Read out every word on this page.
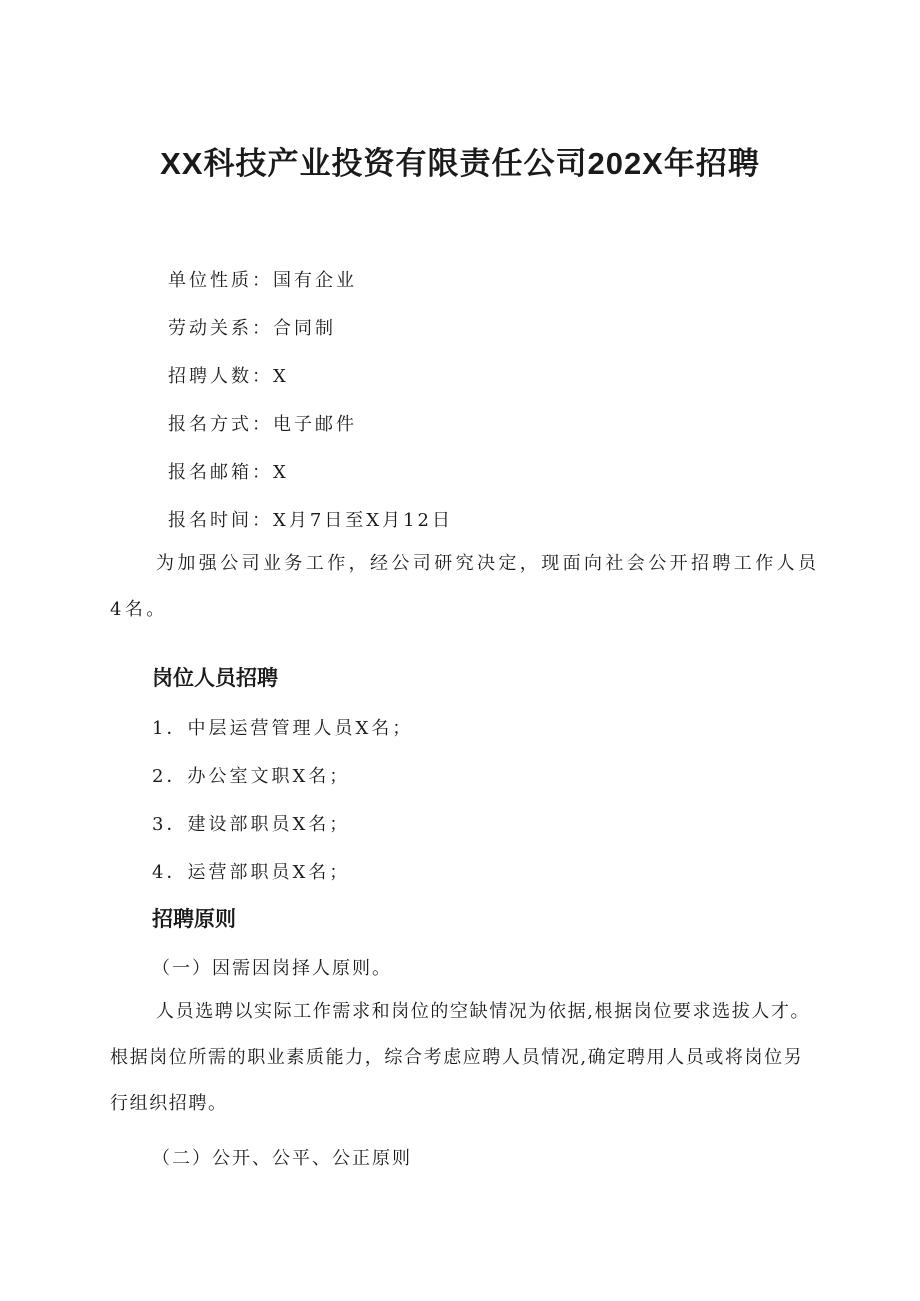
XX科技产业投资有限责任公司202X年招聘
单位性质：国有企业
劳动关系：合同制
招聘人数：X
报名方式：电子邮件
报名邮箱：X
报名时间：X月7日至X月12日
为加强公司业务工作，经公司研究决定，现面向社会公开招聘工作人员4名。
岗位人员招聘
1．中层运营管理人员X名；
2．办公室文职X名；
3．建设部职员X名；
4．运营部职员X名；
招聘原则
（一）因需因岗择人原则。
人员选聘以实际工作需求和岗位的空缺情况为依据,根据岗位要求选拔人才。根据岗位所需的职业素质能力，综合考虑应聘人员情况,确定聘用人员或将岗位另行组织招聘。
（二）公开、公平、公正原则
